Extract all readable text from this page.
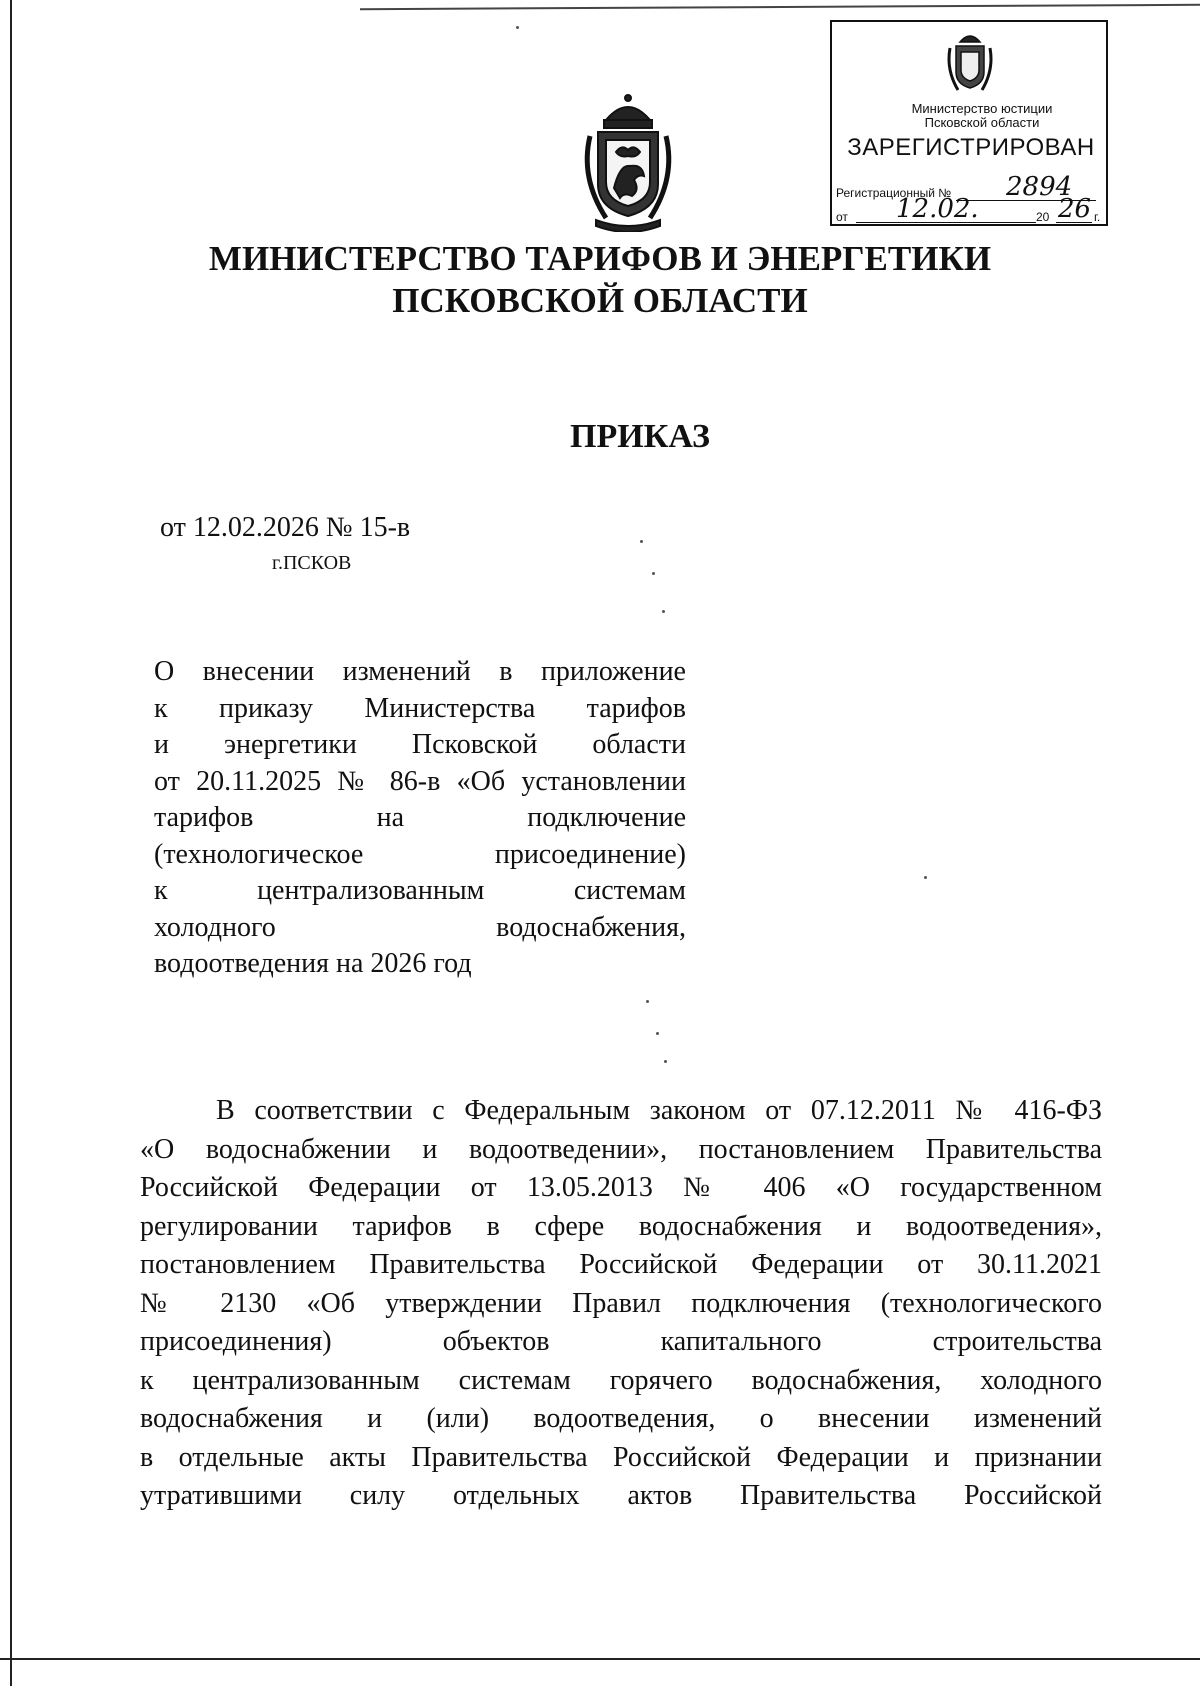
Министерство юстиции
Псковской области
ЗАРЕГИСТРИРОВАН
Регистрационный № 2894
от 12.02.	20 26 г.
МИНИСТЕРСТВО ТАРИФОВ И ЭНЕРГЕТИКИ
ПСКОВСКОЙ ОБЛАСТИ
ПРИКАЗ
от 12.02.2026 № 15-в
г.ПСКОВ
О внесении изменений в приложение
к приказу Министерства тарифов
и энергетики Псковской области
от 20.11.2025 № 86-в «Об установлении
тарифов на подключение
(технологическое присоединение)
к централизованным системам
холодного водоснабжения,
водоотведения на 2026 год
В соответствии с Федеральным законом от 07.12.2011 № 416-ФЗ
«О водоснабжении и водоотведении», постановлением Правительства
Российской Федерации от 13.05.2013 № 406 «О государственном
регулировании тарифов в сфере водоснабжения и водоотведения»,
постановлением Правительства Российской Федерации от 30.11.2021
№ 2130 «Об утверждении Правил подключения (технологического
присоединения) объектов капитального строительства
к централизованным системам горячего водоснабжения, холодного
водоснабжения и (или) водоотведения, о внесении изменений
в отдельные акты Правительства Российской Федерации и признании
утратившими силу отдельных актов Правительства Российской
